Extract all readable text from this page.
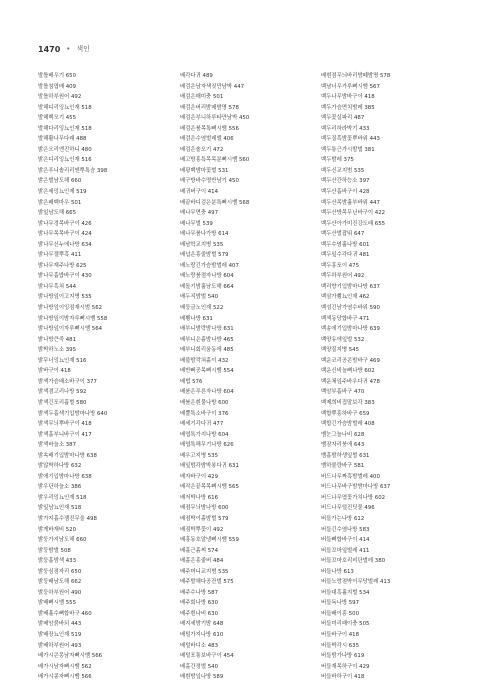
1470 • 색인
발틀배우기 650
발틀침엽배 409
발틀하부원어 492
발해디리잉뇨인재 518
발해백모기 455
발해다리잉뇨인재 518
발해활나무다래 488
밝은오리엔진하니 480
밝은디리잉뇨인재 516
밝은푸니솔리리엔뿌톡슴 398
밝은벌남도해 660
밝은세잉뇨인재 519
밝은배백마우 501
밝잎남도해 665
밝나무경목바구이 426
밝나무목목바구이 424
밝나무신누에나방 634
밝나무젤뿌흑 411
밝나무재주나방 625
밝나무흡밥바구이 430
밝나무흑쳐 544
밝나방잎이고지병 535
밝나방잎이잉점재시범 562
밝나방잎이밤자루뼈시뱀 558
밝나방잎이자루뼈시뱀 564
밝나방큰죽 481
밝박하노소 395
밝무너잉뇨인재 516
밝바구이 418
밝색가슴배소바구이 377
밝색겸고리나방 592
밝색긴포리흡벌 580
밝색두흡색기입밤마나방 640
밝색무늬뿌바구이 418
밝색흡부니바구이 417
밝색바늘소 387
밝속배기입밤마나방 638
밝않박하나방 632
밝에기입밤마나방 638
밝우단하늘소 386
밝우리잉뇨인재 518
밝잎남뇨인재 518
밝가지흡수잼진무울 498
밝게바재비 520
밝둥가지남도해 660
밝둥밤벌 508
밝둥흡밤색 433
밝둥심점자리 650
밝둥배남도해 662
밝둥하부원어 490
밝배뼈시뱀 555
밝배흘수뼈합바구 460
밝배암붉바되 443
밝배장뇨인재 519
밝배하부원어 493
배가시콘몽남자뼈시뱀 566
배가시남자뼈시뱀 562
배가시콩자뼈시뱀 566
배각다귀 489
배검은남자색짓만남박 447
배검은매미충 501
배검은버리밤매밤명 578
배검은부니하루타만남박 450
배검은붐목톡뼈시뱀 556
배검은수염벌레엘 406
배검은솔오기 472
배고방흥특목목분뼈시뱀 560
배광백밤마꽃벌 531
배구방바수명반남기 450
배귀버구이 414
배끝바디검은분톡뼈시뱀 568
배나무면충 497
배나무벌 539
배나무붐나가방 614
배남학교지병 535
배넙은흥줄밤벌 579
배노랑긴가슴밤벌레 407
배노랑붐점자나방 604
배돌기밤흘남도해 664
배두직밤벌 540
배둥금노인재 522
배뾩나방 631
배부니밤락밤나방 631
배부니은흙밤나방 465
배부니회리움동에 485
배불밤깍쳐흙이 432
배반뻐공목뼈시뱀 554
배법 576
배붐은푸른자나방 604
배붐은흰물나방 600
배뿔톡소바구이 376
배세기각다귀 477
배엽톡가지나방 604
배엽톡해무기나방 626
배우고지병 535
배잎밤각밤박봉다귀 631
배자바구이 429
배작은끝목목뼈시뱀 565
배저박나방 616
배점무늬밤나방 600
배점박이흙밤벌 579
배점박뿌꽃이 492
배흥동호알냉뼈시뱀 559
배흩근흙찌 574
배흩은흥줄버 484
배주머니교지범 535
배주발해다공잔벌 575
배주수나방 587
배주회나방 630
배주흰나비 630
배지세밤기밤 648
배털가지나방 610
배털바디소 483
배털포통보바구이 454
배홀간정벌 540
배흰밤잎나방 589
배흰점무늬바리밤떼밤명 578
백남너무가루뼈시뱀 567
백두나무밤바구이 418
백두가슴면치밤레 385
백두꽃실파리 487
백두리하라박기 433
백두질흑밤꽃뿌바위 443
백두통근가시밤벌 381
백두밤레 375
백두신교지범 535
백두산간하능소 397
백두산흡바구이 428
백두산목밤흘부바위 447
백두산방목무닌바구이 422
백두산아가미진강도래 655
백두산벌잡뛰 647
백두수염흘나방 601
백두잎수각다귀 481
백두흥포이 475
백두하부원어 492
백리향기입밤마나방 637
백삼가뾩뇨인재 462
백섬긴남가염수바위 590
백색동당합바구 471
백송에기입밤마나방 639
백양유에잎벌 532
백양질지병 545
백운코리공콘밤바구 469
백운신비늘뼈나방 602
백운체잎주바우다귀 478
백암부흡바구 470
백제희비집말보각 383
백합뿌흥하바구 659
백합긴가슴밤벌레 408
뱀눈그늘나비 628
뱀잠자리붕에 643
뱀흡밤하생잎벌 631
뱀하물량바구 581
버드나무짜흑밤벌레 400
버드나무바구밤밤마나방 637
버드나무엽꽃가치나방 602
버드나무털진딧물 496
버들가는나방 612
버들긴수염나방 583
버들뼈합바구이 414
버들꼬마잎벌레 411
버들꼬마호리비단벌레 380
버들나방 613
버들노랑점박이무당벌레 413
버들대흑흘지벌 534
버들독나방 597
버들배이흥 500
버들미리패이충 505
버들바구이 418
버들박각시 635
버들밤가나방 619
버들재목하구이 429
버들바하구이 418
